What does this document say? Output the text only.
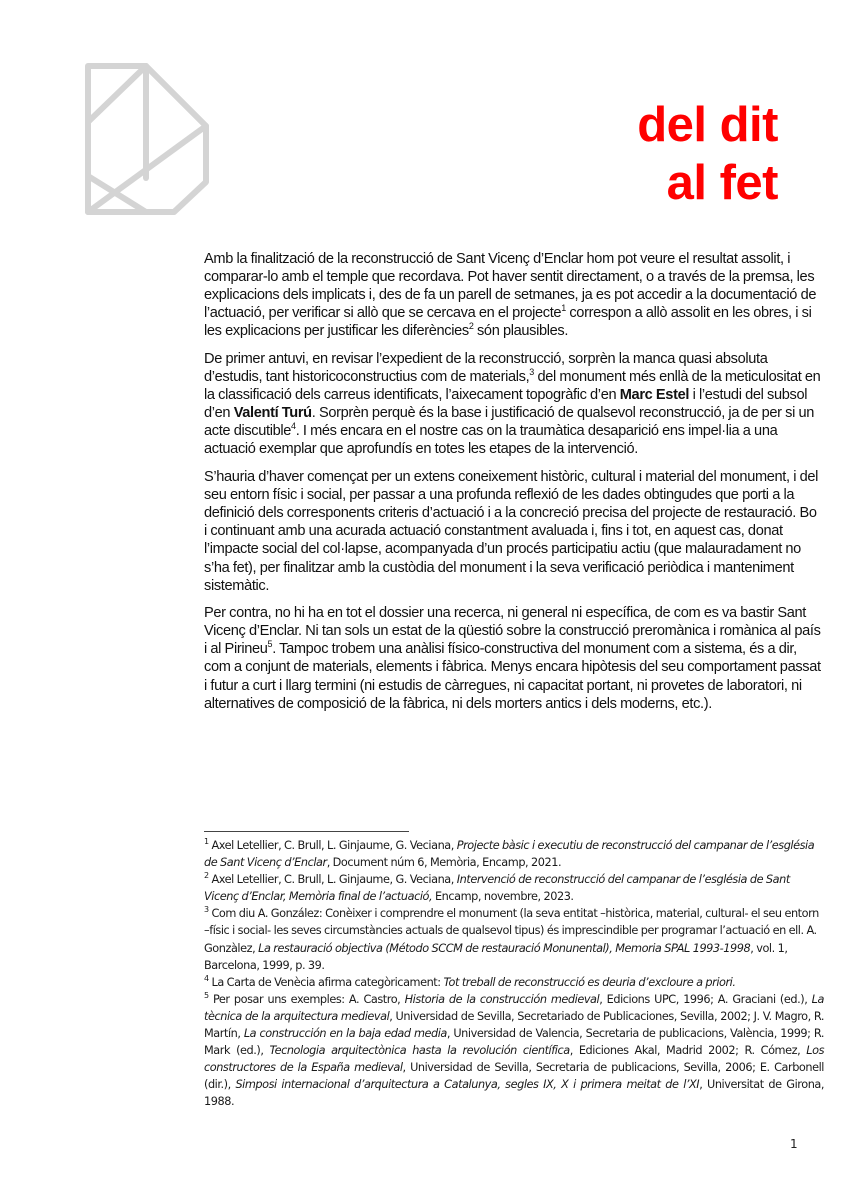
del dit
al fet

Amb la finalització de la reconstrucció de Sant Vicenç d’Enclar hom pot veure el resultat assolit, i comparar-lo amb el temple que recordava. Pot haver sentit directament, o a través de la premsa, les explicacions dels implicats i, des de fa un parell de setmanes, ja es pot accedir a la documentació de l’actuació, per verificar si allò que se cercava en el projecte$^1$ correspon a allò assolit en les obres, i si les explicacions per justificar les diferències$^2$ són plausibles.

De primer antuvi, en revisar l’expedient de la reconstrucció, sorprèn la manca quasi absoluta d’estudis, tant historicoconstructius com de materials,$^3$ del monument més enllà de la meticulositat en la classificació dels carreus identificats, l’aixecament topogràfic d’en Marc Estel i l’estudi del subsol d’en Valentí Turú. Sorprèn perquè és la base i justificació de qualsevol reconstrucció, ja de per si un acte discutible$^4$. I més encara en el nostre cas on la traumàtica desaparició ens impel·lia a una actuació exemplar que aprofundís en totes les etapes de la intervenció.

S’hauria d’haver començat per un extens coneixement històric, cultural i material del monument, i del seu entorn físic i social, per passar a una profunda reflexió de les dades obtingudes que porti a la definició dels corresponents criteris d’actuació i a la concreció precisa del projecte de restauració. Bo i continuant amb una acurada actuació constantment avaluada i, fins i tot, en aquest cas, donat l’impacte social del col·lapse, acompanyada d’un procés participatiu actiu (que malauradament no s’ha fet), per finalitzar amb la custòdia del monument i la seva verificació periòdica i manteniment sistemàtic.

Per contra, no hi ha en tot el dossier una recerca, ni general ni específica, de com es va bastir Sant Vicenç d’Enclar. Ni tan sols un estat de la qüestió sobre la construcció preromànica i romànica al país i al Pirineu$^5$. Tampoc trobem una anàlisi físico-constructiva del monument com a sistema, és a dir, com a conjunt de materials, elements i fàbrica. Menys encara hipòtesis del seu comportament passat i futur a curt i llarg termini (ni estudis de càrregues, ni capacitat portant, ni provetes de laboratori, ni alternatives de composició de la fàbrica, ni dels morters antics i dels moderns, etc.).

$^1$ Axel Letellier, C. Brull, L. Ginjaume, G. Veciana, Projecte bàsic i executiu de reconstrucció del campanar de l’església de Sant Vicenç d’Enclar, Document núm 6, Memòria, Encamp, 2021.

$^2$ Axel Letellier, C. Brull, L. Ginjaume, G. Veciana, Intervenció de reconstrucció del campanar de l’església de Sant Vicenç d’Enclar, Memòria final de l’actuació, Encamp, novembre, 2023.

$^3$ Com diu A. González: Conèixer i comprendre el monument (la seva entitat –històrica, material, cultural- el seu entorn –físic i social- les seves circumstàncies actuals de qualsevol tipus) és imprescindible per programar l’actuació en ell. A. Gonzàlez, La restauració objectiva (Método SCCM de restauració Monunental), Memoria SPAL 1993-1998, vol. 1, Barcelona, 1999, p. 39.

$^4$ La Carta de Venècia afirma categòricament: Tot treball de reconstrucció es deuria d’excloure a priori.

$^5$ Per posar uns exemples: A. Castro, Historia de la construcción medieval, Edicions UPC, 1996; A. Graciani (ed.), La tècnica de la arquitectura medieval, Universidad de Sevilla, Secretariado de Publicaciones, Sevilla, 2002; J. V. Magro, R. Martín, La construcción en la baja edad media, Universidad de Valencia, Secretaria de publicacions, València, 1999; R. Mark (ed.), Tecnologia arquitectònica hasta la revolución científica, Ediciones Akal, Madrid 2002; R. Cómez, Los constructores de la España medieval, Universidad de Sevilla, Secretaria de publicacions, Sevilla, 2006; E. Carbonell (dir.), Simposi internacional d’arquitectura a Catalunya, segles IX, X i primera meitat de l’XI, Universitat de Girona, 1988.

1
